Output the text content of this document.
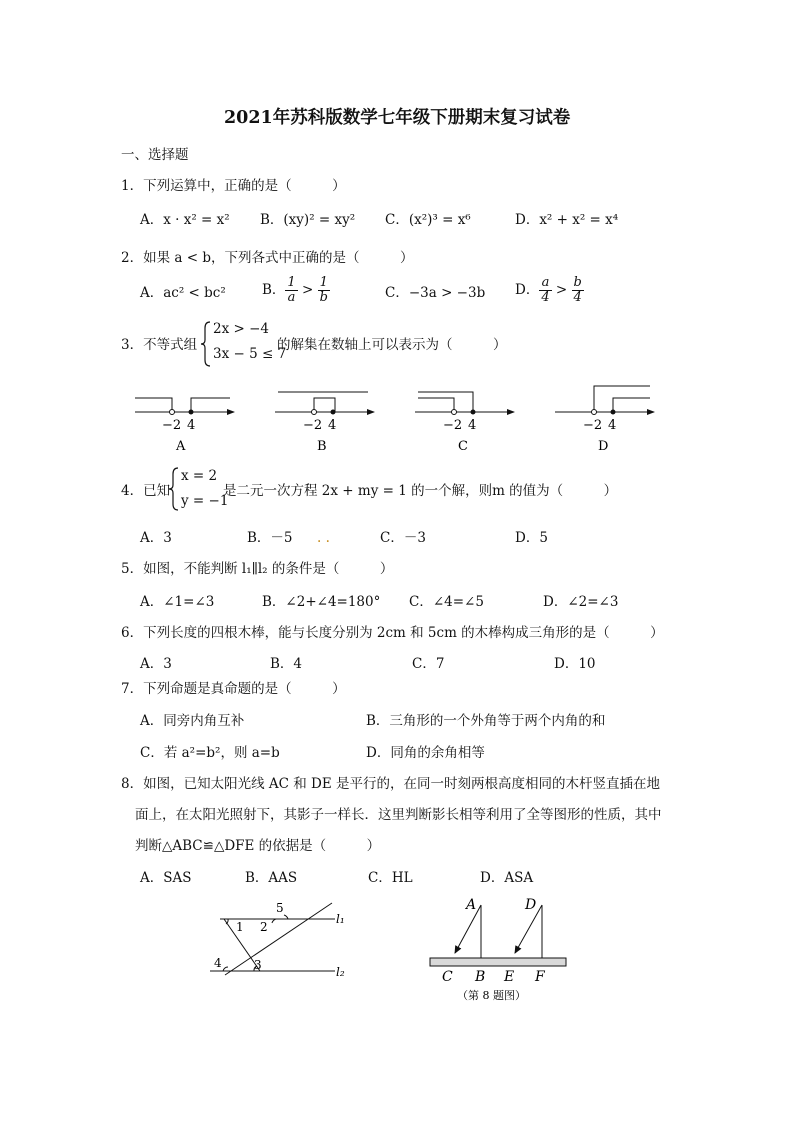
2021年苏科版数学七年级下册期末复习试卷
一、选择题
1．下列运算中，正确的是（　　　）
A．x · x² = x² B．(xy)² = xy² C．(x²)³ = x⁶	D．x² + x² = x⁴
2．如果 a < b，下列各式中正确的是（　　　）
A．ac² < bc²	B． $\frac{1}{a} > \frac{1}{b}$	C．−3a > −3b D． $\frac{a}{4} > \frac{b}{4}$
3．不等式组
2x > −4
3x − 5 ≤ 7
的解集在数轴上可以表示为（　　　）
−2 4
A
−2 4
B
−2 4
C
−2 4
D
4．已知
x = 2
y = −1
是二元一次方程 2x + my = 1 的一个解，则m 的值为（　　　）
A．3	B．－5 . .	C．－3	D．5
5．如图，不能判断 l₁∥l₂ 的条件是（　　　）
A．∠1=∠3	B．∠2+∠4=180° C．∠4=∠5	D．∠2=∠3
6．下列长度的四根木棒，能与长度分别为 2cm 和 5cm 的木棒构成三角形的是（　　　）
A．3	B．4	C．7	D．10
7．下列命题是真命题的是（　　　）
A．同旁内角互补	B．三角形的一个外角等于两个内角的和
C．若 a²=b²，则 a=b	D．同角的余角相等
8．如图，已知太阳光线 AC 和 DE 是平行的，在同一时刻两根高度相同的木杆竖直插在地
面上，在太阳光照射下，其影子一样长．这里判断影长相等利用了全等图形的性质，其中
判断△ABC≌△DFE 的依据是（　　　）
A．SAS	B．AAS	C．HL	D．ASA
l₁
l₂
1 2
3
4
5	A	D
C B E F
（第 8 题图）
